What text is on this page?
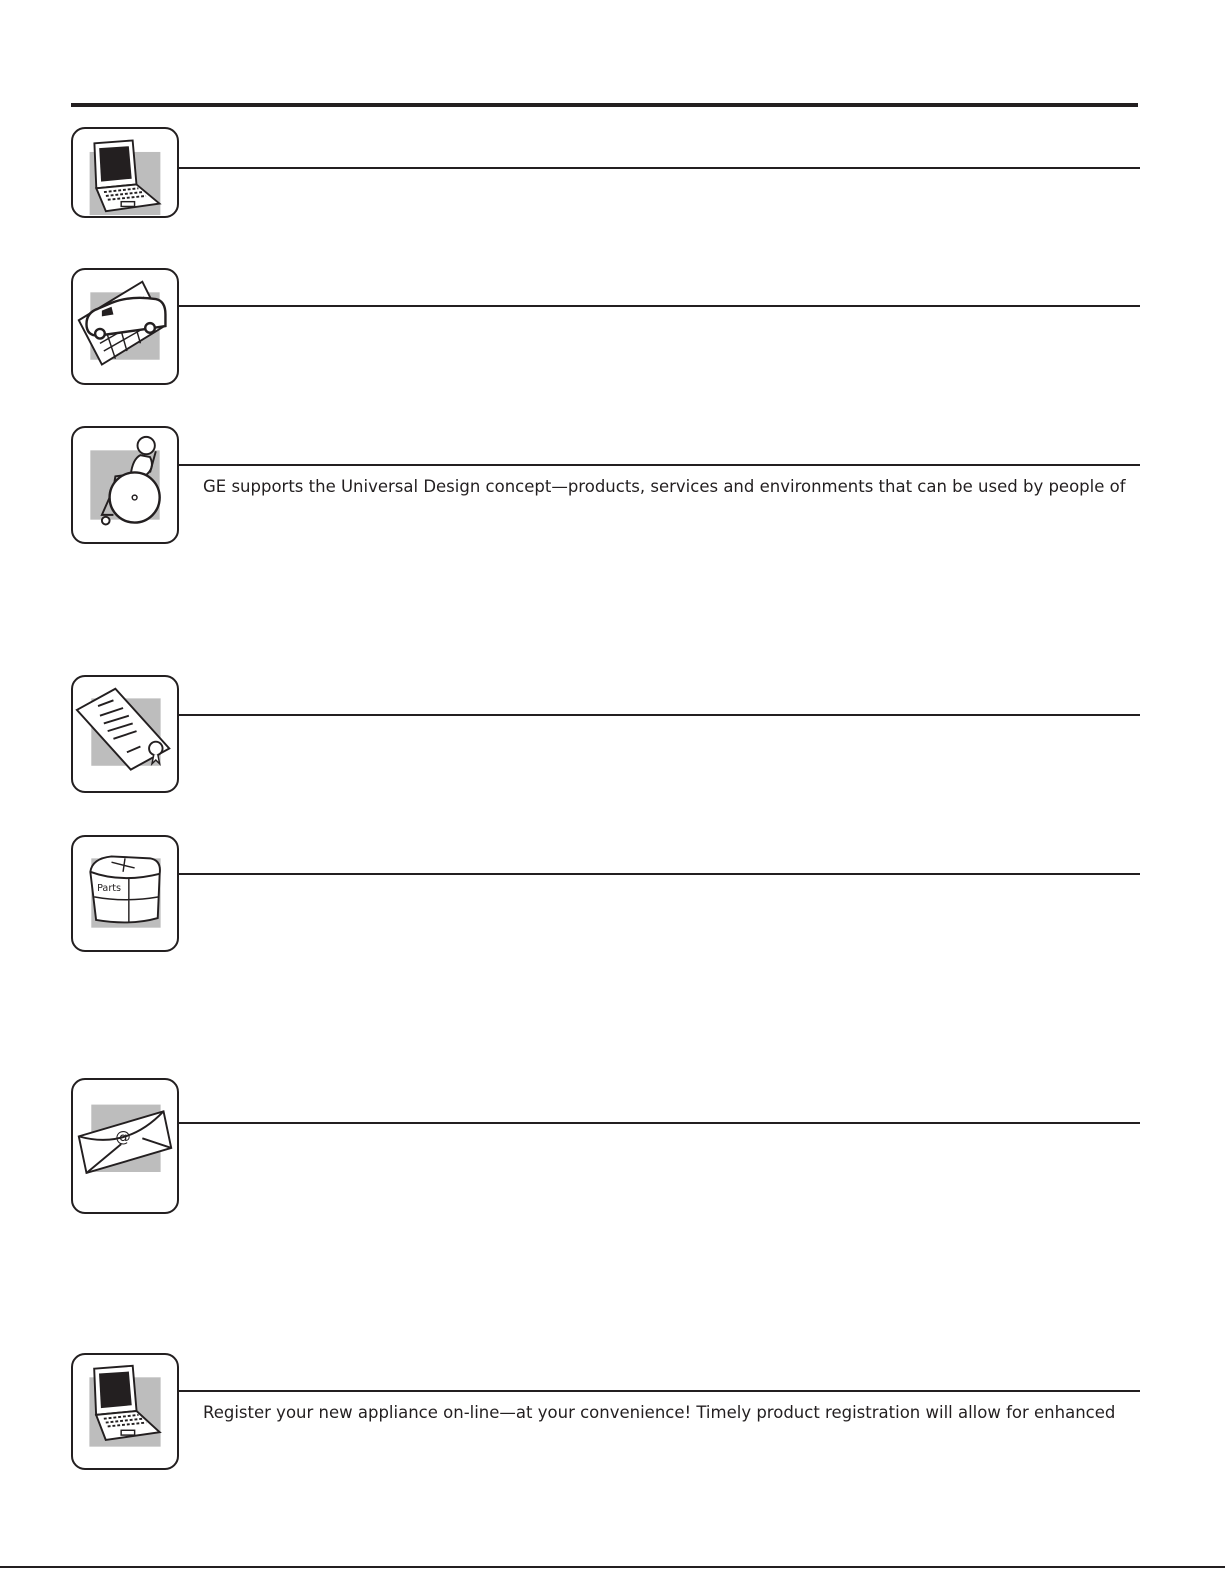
GE supports the Universal Design concept—products, services and environments that can be used by people of
Parts
@
Register your new appliance on-line—at your convenience! Timely product registration will allow for enhanced
